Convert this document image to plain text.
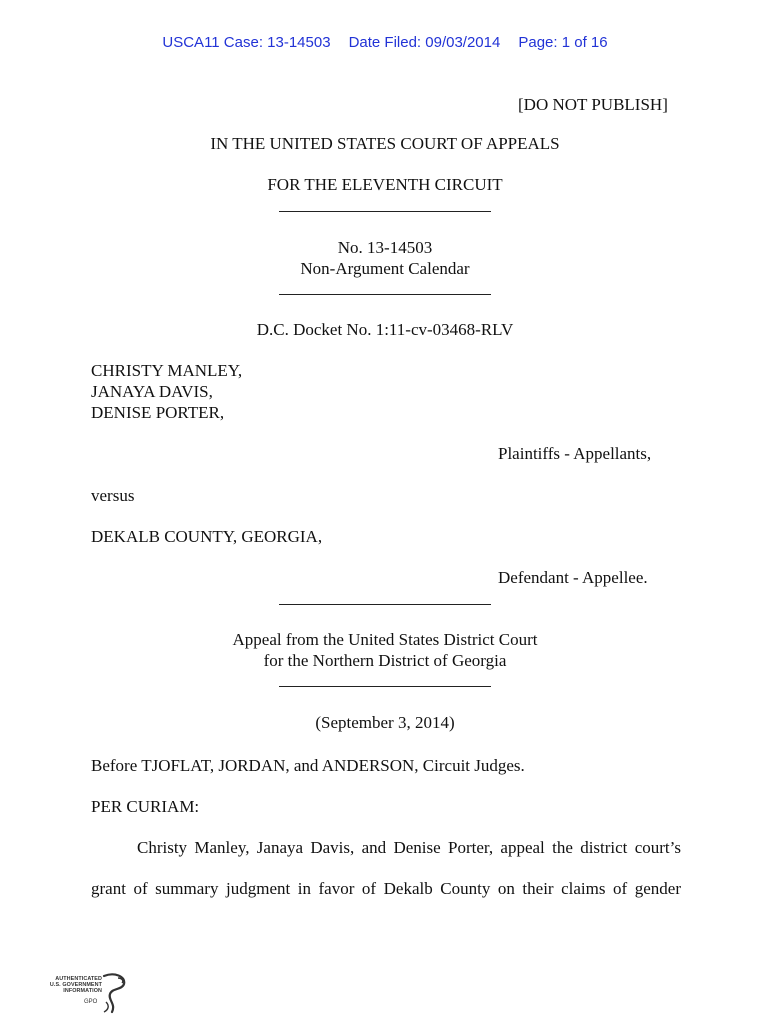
USCA11 Case: 13-14503 Date Filed: 09/03/2014 Page: 1 of 16
[DO NOT PUBLISH]
IN THE UNITED STATES COURT OF APPEALS
FOR THE ELEVENTH CIRCUIT
No. 13-14503
Non-Argument Calendar
D.C. Docket No. 1:11-cv-03468-RLV
CHRISTY MANLEY,
JANAYA DAVIS,
DENISE PORTER,
Plaintiffs - Appellants,
versus
DEKALB COUNTY, GEORGIA,
Defendant - Appellee.
Appeal from the United States District Court
for the Northern District of Georgia
(September 3, 2014)
Before TJOFLAT, JORDAN, and ANDERSON, Circuit Judges.
PER CURIAM:
Christy Manley, Janaya Davis, and Denise Porter, appeal the district court’s
grant of summary judgment in favor of Dekalb County on their claims of gender
AUTHENTICATED
U.S. GOVERNMENT
INFORMATION
GPO
